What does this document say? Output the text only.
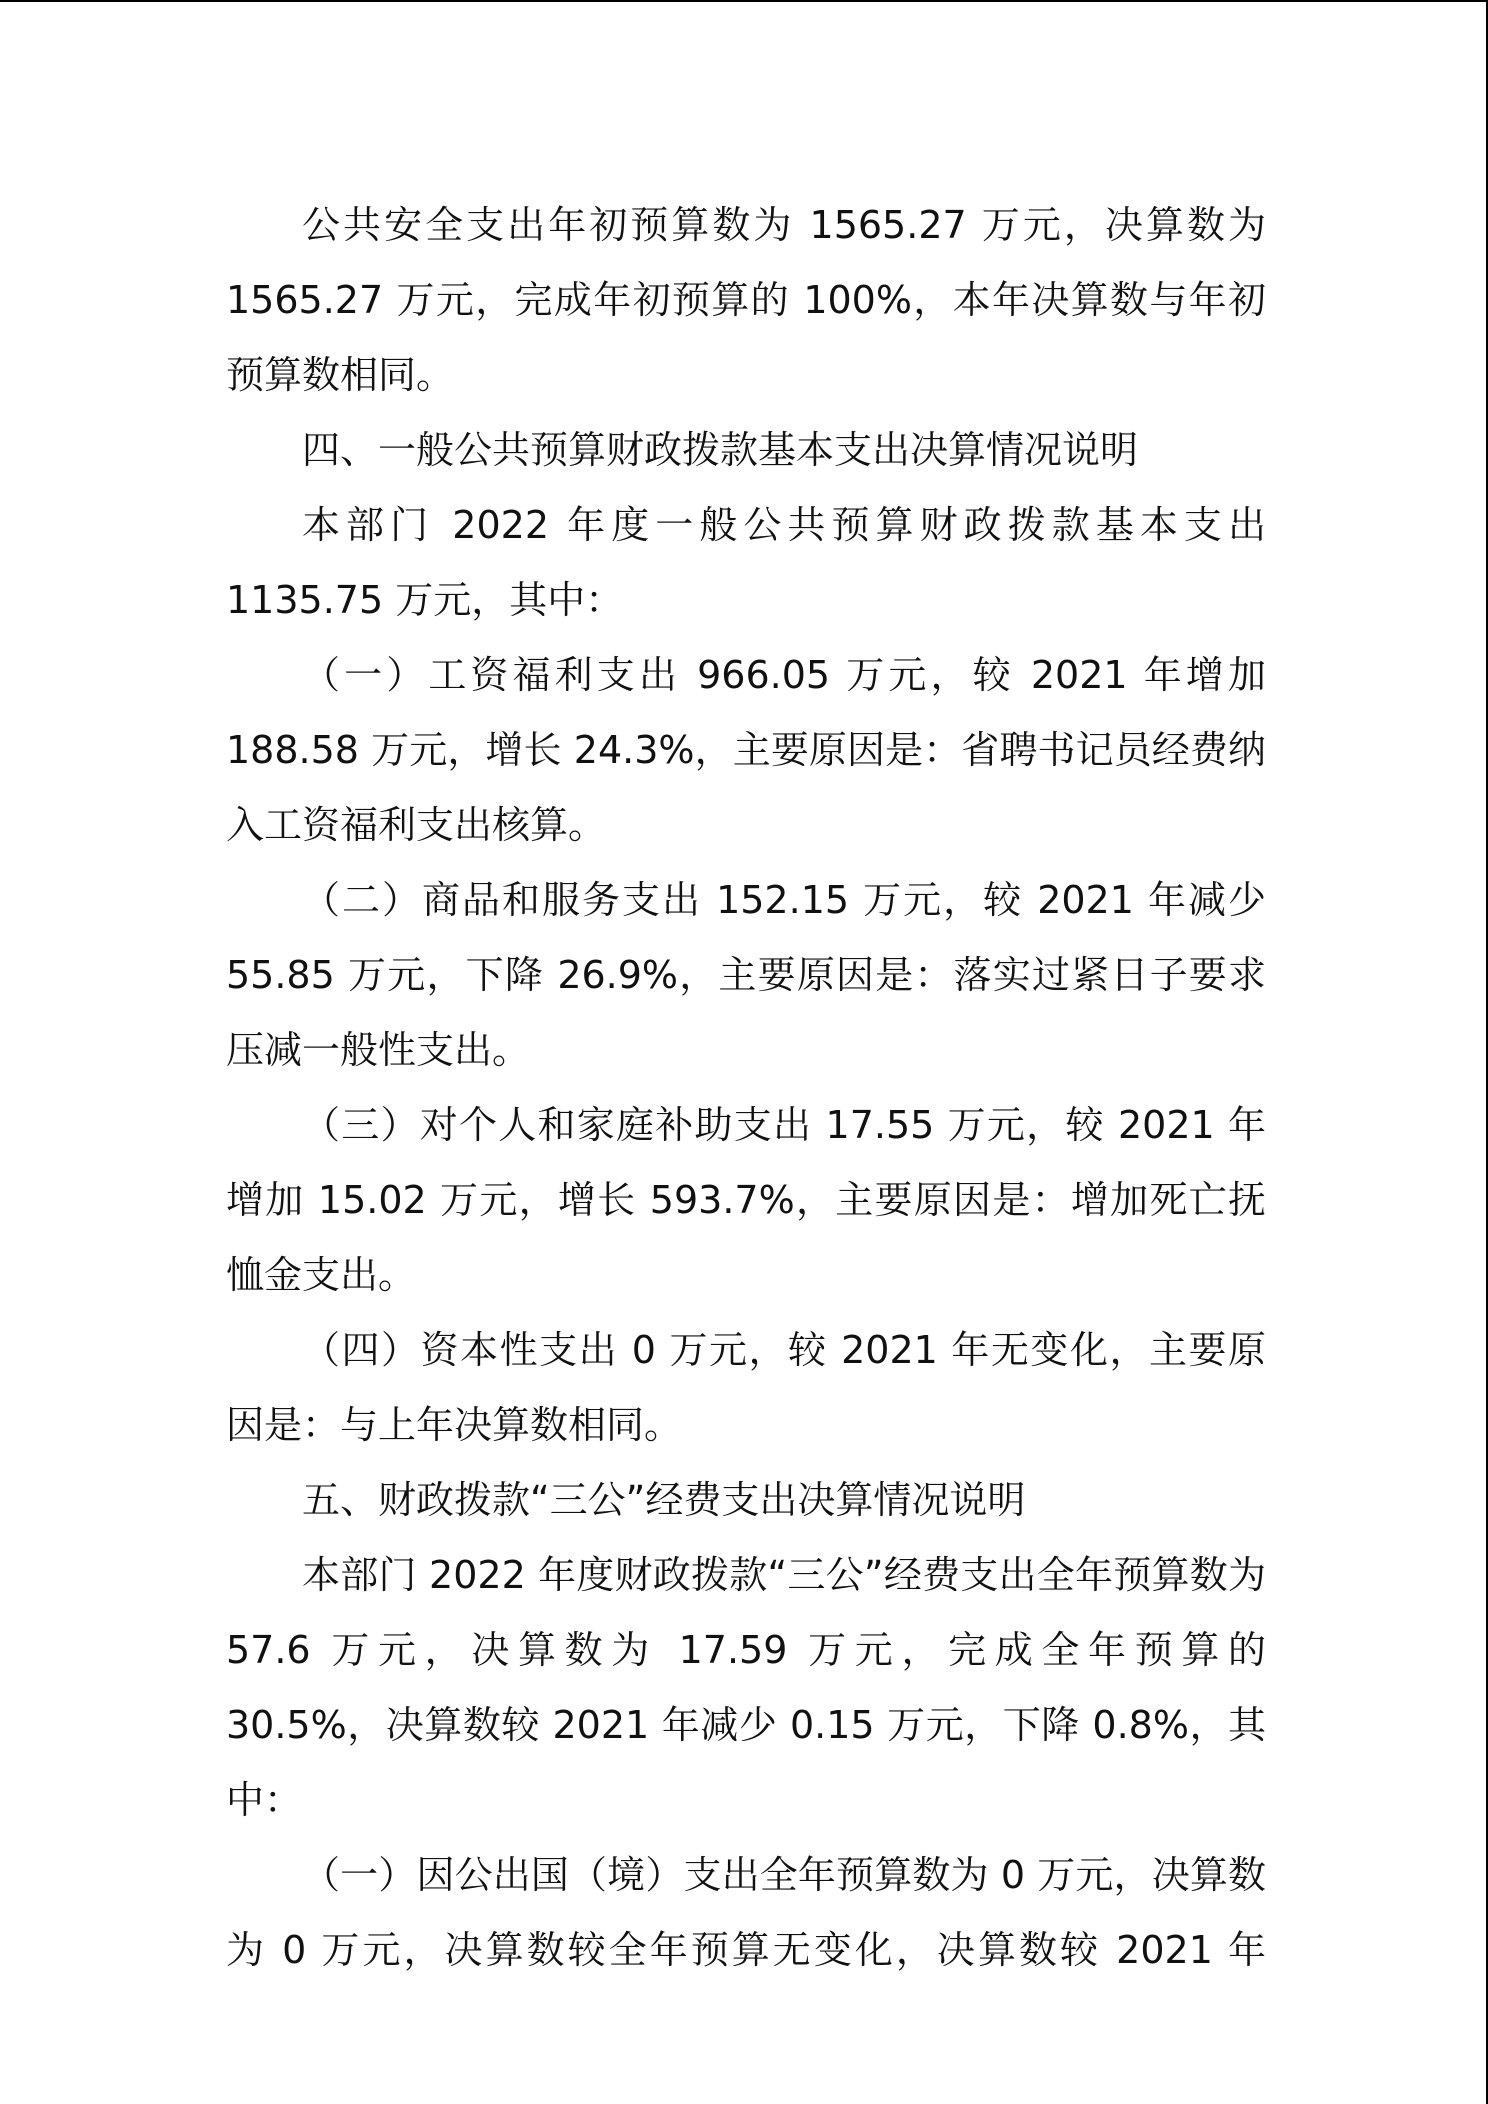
公共安全支出年初预算数为 1565.27 万元，决算数为 1565.27 万元，完成年初预算的 100%，本年决算数与年初预算数相同。

四、一般公共预算财政拨款基本支出决算情况说明

本部门 2022 年度一般公共预算财政拨款基本支出 1135.75 万元，其中：

（一）工资福利支出 966.05 万元，较 2021 年增加 188.58 万元，增长 24.3%，主要原因是：省聘书记员经费纳入工资福利支出核算。

（二）商品和服务支出 152.15 万元，较 2021 年减少 55.85 万元，下降 26.9%，主要原因是：落实过紧日子要求压减一般性支出。

（三）对个人和家庭补助支出 17.55 万元，较 2021 年增加 15.02 万元，增长 593.7%，主要原因是：增加死亡抚恤金支出。

（四）资本性支出 0 万元，较 2021 年无变化，主要原因是：与上年决算数相同。

五、财政拨款“三公”经费支出决算情况说明

本部门 2022 年度财政拨款“三公”经费支出全年预算数为 57.6 万元，决算数为 17.59 万元，完成全年预算的 30.5%，决算数较 2021 年减少 0.15 万元，下降 0.8%，其中：

（一）因公出国（境）支出全年预算数为 0 万元，决算数为 0 万元，决算数较全年预算无变化，决算数较 2021 年
